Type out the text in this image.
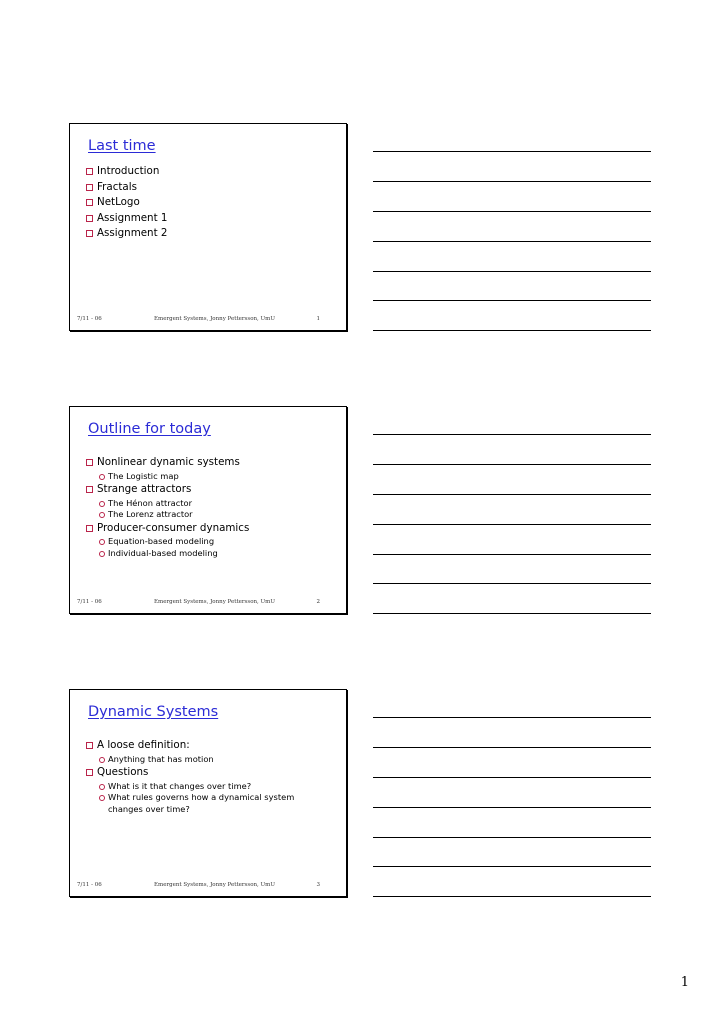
Last time
Introduction
Fractals
NetLogo
Assignment 1
Assignment 2
7/11 - 06	Emergent Systems, Jonny Pettersson, UmU	1
Outline for today
Nonlinear dynamic systems
The Logistic map
Strange attractors
The Hénon attractor
The Lorenz attractor
Producer-consumer dynamics
Equation-based modeling
Individual-based modeling
7/11 - 06	Emergent Systems, Jonny Pettersson, UmU	2
Dynamic Systems
A loose definition:
Anything that has motion
Questions
What is it that changes over time?
What rules governs how a dynamical system changes over time?
7/11 - 06	Emergent Systems, Jonny Pettersson, UmU	3
1
